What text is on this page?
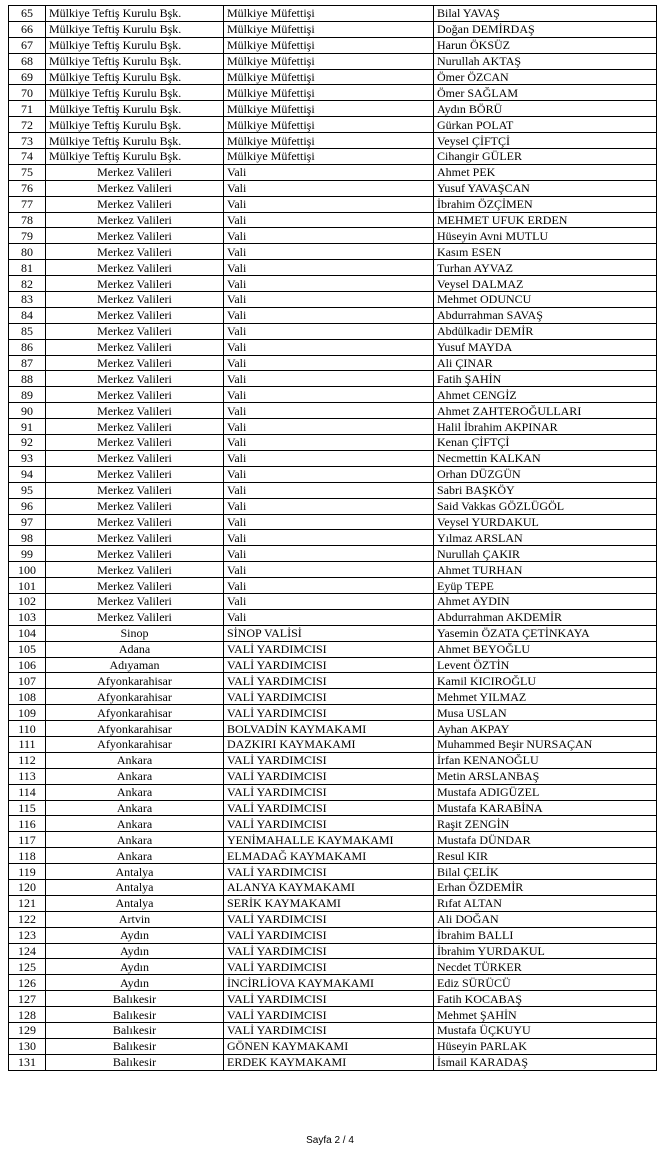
65	Mülkiye Teftiş Kurulu Bşk.	Mülkiye Müfettişi	Bilal YAVAŞ
66	Mülkiye Teftiş Kurulu Bşk.	Mülkiye Müfettişi	Doğan DEMİRDAŞ
67	Mülkiye Teftiş Kurulu Bşk.	Mülkiye Müfettişi	Harun ÖKSÜZ
68	Mülkiye Teftiş Kurulu Bşk.	Mülkiye Müfettişi	Nurullah AKTAŞ
69	Mülkiye Teftiş Kurulu Bşk.	Mülkiye Müfettişi	Ömer ÖZCAN
70	Mülkiye Teftiş Kurulu Bşk.	Mülkiye Müfettişi	Ömer SAĞLAM
71	Mülkiye Teftiş Kurulu Bşk.	Mülkiye Müfettişi	Aydın BÖRÜ
72	Mülkiye Teftiş Kurulu Bşk.	Mülkiye Müfettişi	Gürkan POLAT
73	Mülkiye Teftiş Kurulu Bşk.	Mülkiye Müfettişi	Veysel ÇİFTÇİ
74	Mülkiye Teftiş Kurulu Bşk.	Mülkiye Müfettişi	Cihangir GÜLER
75	Merkez Valileri	Vali	Ahmet PEK
76	Merkez Valileri	Vali	Yusuf YAVAŞCAN
77	Merkez Valileri	Vali	İbrahim ÖZÇİMEN
78	Merkez Valileri	Vali	MEHMET UFUK ERDEN
79	Merkez Valileri	Vali	Hüseyin Avni MUTLU
80	Merkez Valileri	Vali	Kasım ESEN
81	Merkez Valileri	Vali	Turhan AYVAZ
82	Merkez Valileri	Vali	Veysel DALMAZ
83	Merkez Valileri	Vali	Mehmet ODUNCU
84	Merkez Valileri	Vali	Abdurrahman SAVAŞ
85	Merkez Valileri	Vali	Abdülkadir DEMİR
86	Merkez Valileri	Vali	Yusuf MAYDA
87	Merkez Valileri	Vali	Ali ÇINAR
88	Merkez Valileri	Vali	Fatih ŞAHİN
89	Merkez Valileri	Vali	Ahmet CENGİZ
90	Merkez Valileri	Vali	Ahmet ZAHTEROĞULLARI
91	Merkez Valileri	Vali	Halil İbrahim AKPINAR
92	Merkez Valileri	Vali	Kenan ÇİFTÇİ
93	Merkez Valileri	Vali	Necmettin KALKAN
94	Merkez Valileri	Vali	Orhan DÜZGÜN
95	Merkez Valileri	Vali	Sabri BAŞKÖY
96	Merkez Valileri	Vali	Said Vakkas GÖZLÜGÖL
97	Merkez Valileri	Vali	Veysel YURDAKUL
98	Merkez Valileri	Vali	Yılmaz ARSLAN
99	Merkez Valileri	Vali	Nurullah ÇAKIR
100	Merkez Valileri	Vali	Ahmet TURHAN
101	Merkez Valileri	Vali	Eyüp TEPE
102	Merkez Valileri	Vali	Ahmet AYDIN
103	Merkez Valileri	Vali	Abdurrahman AKDEMİR
104	Sinop	SİNOP VALİSİ	Yasemin ÖZATA ÇETİNKAYA
105	Adana	VALİ YARDIMCISI	Ahmet BEYOĞLU
106	Adıyaman	VALİ YARDIMCISI	Levent ÖZTİN
107	Afyonkarahisar	VALİ YARDIMCISI	Kamil KICIROĞLU
108	Afyonkarahisar	VALİ YARDIMCISI	Mehmet YILMAZ
109	Afyonkarahisar	VALİ YARDIMCISI	Musa USLAN
110	Afyonkarahisar	BOLVADİN KAYMAKAMI	Ayhan AKPAY
111	Afyonkarahisar	DAZKIRI KAYMAKAMI	Muhammed Beşir NURSAÇAN
112	Ankara	VALİ YARDIMCISI	İrfan KENANOĞLU
113	Ankara	VALİ YARDIMCISI	Metin ARSLANBAŞ
114	Ankara	VALİ YARDIMCISI	Mustafa ADIGÜZEL
115	Ankara	VALİ YARDIMCISI	Mustafa KARABİNA
116	Ankara	VALİ YARDIMCISI	Raşit ZENGİN
117	Ankara	YENİMAHALLE KAYMAKAMI	Mustafa DÜNDAR
118	Ankara	ELMADAĞ KAYMAKAMI	Resul KIR
119	Antalya	VALİ YARDIMCISI	Bilal ÇELİK
120	Antalya	ALANYA KAYMAKAMI	Erhan ÖZDEMİR
121	Antalya	SERİK KAYMAKAMI	Rıfat ALTAN
122	Artvin	VALİ YARDIMCISI	Ali DOĞAN
123	Aydın	VALİ YARDIMCISI	İbrahim BALLI
124	Aydın	VALİ YARDIMCISI	İbrahim YURDAKUL
125	Aydın	VALİ YARDIMCISI	Necdet TÜRKER
126	Aydın	İNCİRLİOVA KAYMAKAMI	Ediz SÜRÜCÜ
127	Balıkesir	VALİ YARDIMCISI	Fatih KOCABAŞ
128	Balıkesir	VALİ YARDIMCISI	Mehmet ŞAHİN
129	Balıkesir	VALİ YARDIMCISI	Mustafa ÜÇKUYU
130	Balıkesir	GÖNEN KAYMAKAMI	Hüseyin PARLAK
131	Balıkesir	ERDEK KAYMAKAMI	İsmail KARADAŞ
Sayfa 2 / 4
